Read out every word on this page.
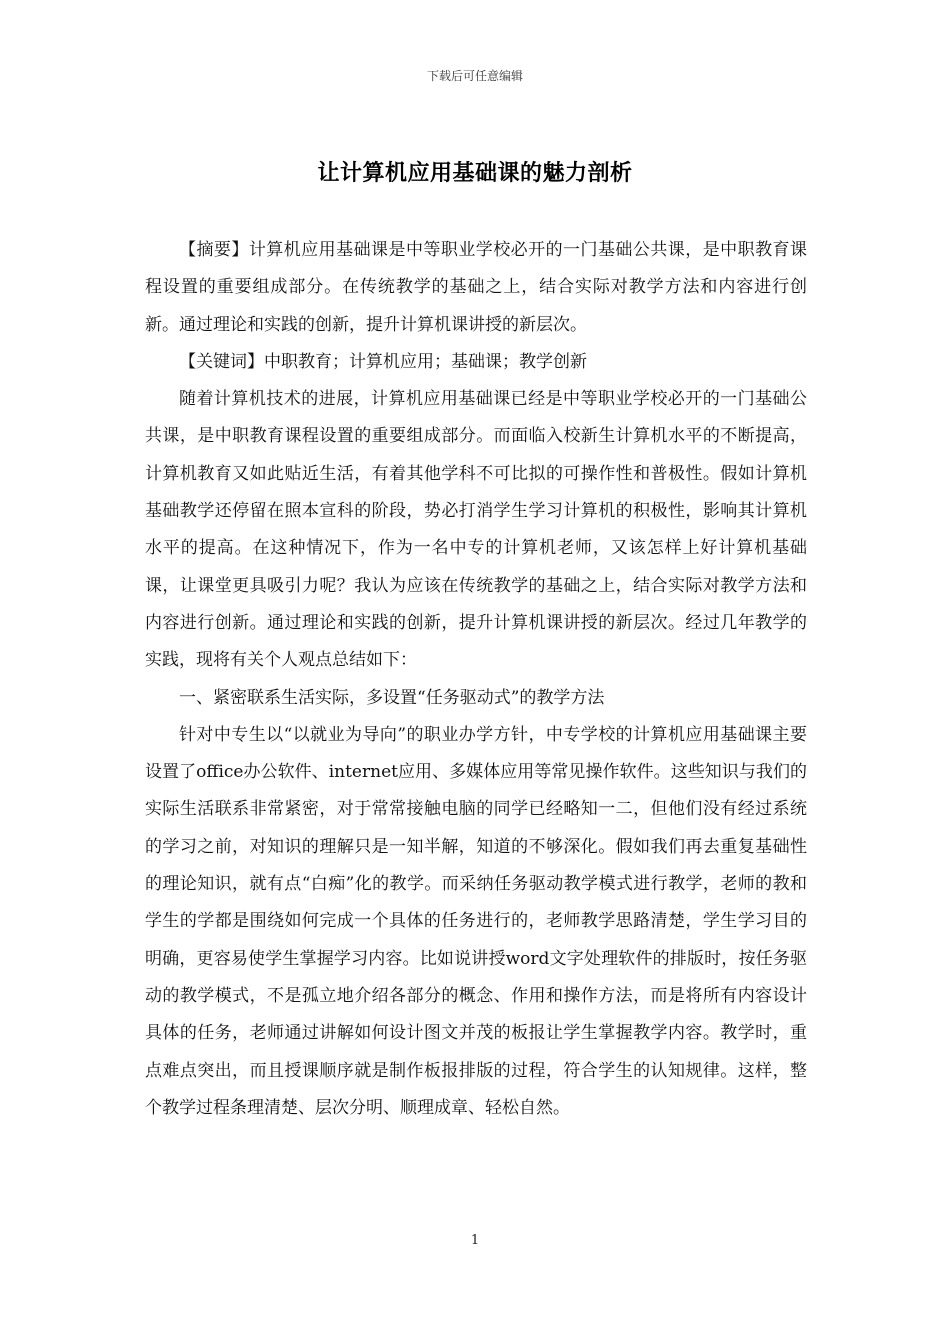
下载后可任意编辑
让计算机应用基础课的魅力剖析

【摘要】计算机应用基础课是中等职业学校必开的一门基础公共课，是中职教育课程设置的重要组成部分。在传统教学的基础之上，结合实际对教学方法和内容进行创新。通过理论和实践的创新，提升计算机课讲授的新层次。

【关键词】中职教育；计算机应用；基础课；教学创新

随着计算机技术的进展，计算机应用基础课已经是中等职业学校必开的一门基础公共课，是中职教育课程设置的重要组成部分。而面临入校新生计算机水平的不断提高，计算机教育又如此贴近生活，有着其他学科不可比拟的可操作性和普极性。假如计算机基础教学还停留在照本宣科的阶段，势必打消学生学习计算机的积极性，影响其计算机水平的提高。在这种情况下，作为一名中专的计算机老师，又该怎样上好计算机基础课，让课堂更具吸引力呢？我认为应该在传统教学的基础之上，结合实际对教学方法和内容进行创新。通过理论和实践的创新，提升计算机课讲授的新层次。经过几年教学的实践，现将有关个人观点总结如下：

一、紧密联系生活实际，多设置“任务驱动式”的教学方法

针对中专生以“以就业为导向”的职业办学方针，中专学校的计算机应用基础课主要设置了office办公软件、internet应用、多媒体应用等常见操作软件。这些知识与我们的实际生活联系非常紧密，对于常常接触电脑的同学已经略知一二，但他们没有经过系统的学习之前，对知识的理解只是一知半解，知道的不够深化。假如我们再去重复基础性的理论知识，就有点“白痴”化的教学。而采纳任务驱动教学模式进行教学，老师的教和学生的学都是围绕如何完成一个具体的任务进行的，老师教学思路清楚，学生学习目的明确，更容易使学生掌握学习内容。比如说讲授word文字处理软件的排版时，按任务驱动的教学模式，不是孤立地介绍各部分的概念、作用和操作方法，而是将所有内容设计具体的任务，老师通过讲解如何设计图文并茂的板报让学生掌握教学内容。教学时，重点难点突出，而且授课顺序就是制作板报排版的过程，符合学生的认知规律。这样，整个教学过程条理清楚、层次分明、顺理成章、轻松自然。

1
